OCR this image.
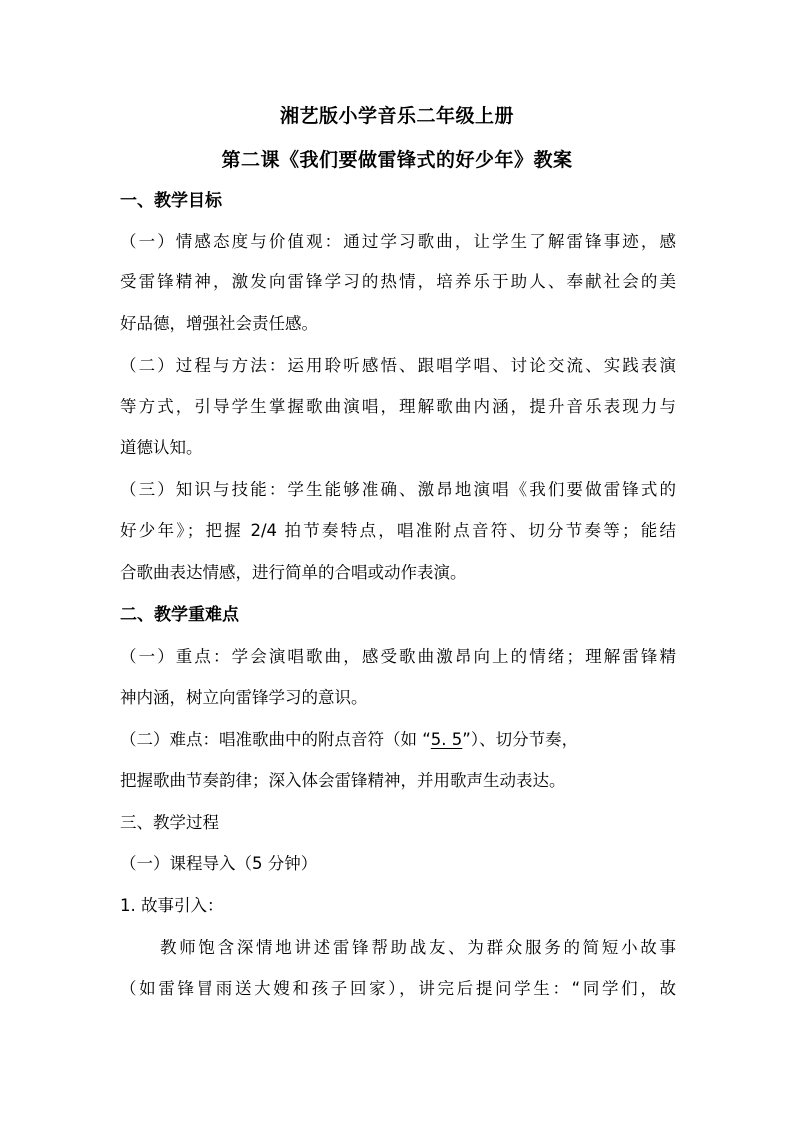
湘艺版小学音乐二年级上册
第二课《我们要做雷锋式的好少年》教案
一、教学目标
（一）情感态度与价值观：通过学习歌曲，让学生了解雷锋事迹，感
受雷锋精神，激发向雷锋学习的热情，培养乐于助人、奉献社会的美
好品德，增强社会责任感。
（二）过程与方法：运用聆听感悟、跟唱学唱、讨论交流、实践表演
等方式，引导学生掌握歌曲演唱，理解歌曲内涵，提升音乐表现力与
道德认知。
（三）知识与技能：学生能够准确、激昂地演唱《我们要做雷锋式的
好少年》；把握 2/4 拍节奏特点，唱准附点音符、切分节奏等；能结
合歌曲表达情感，进行简单的合唱或动作表演。
二、教学重难点
（一）重点：学会演唱歌曲，感受歌曲激昂向上的情绪；理解雷锋精
神内涵，树立向雷锋学习的意识。
（二）难点：唱准歌曲中的附点音符（如 “5. 5”）、切分节奏，
把握歌曲节奏韵律；深入体会雷锋精神，并用歌声生动表达。
三、教学过程
（一）课程导入（5 分钟）
1. 故事引入：
教师饱含深情地讲述雷锋帮助战友、为群众服务的简短小故事
（如雷锋冒雨送大嫂和孩子回家），讲完后提问学生：“同学们，故
